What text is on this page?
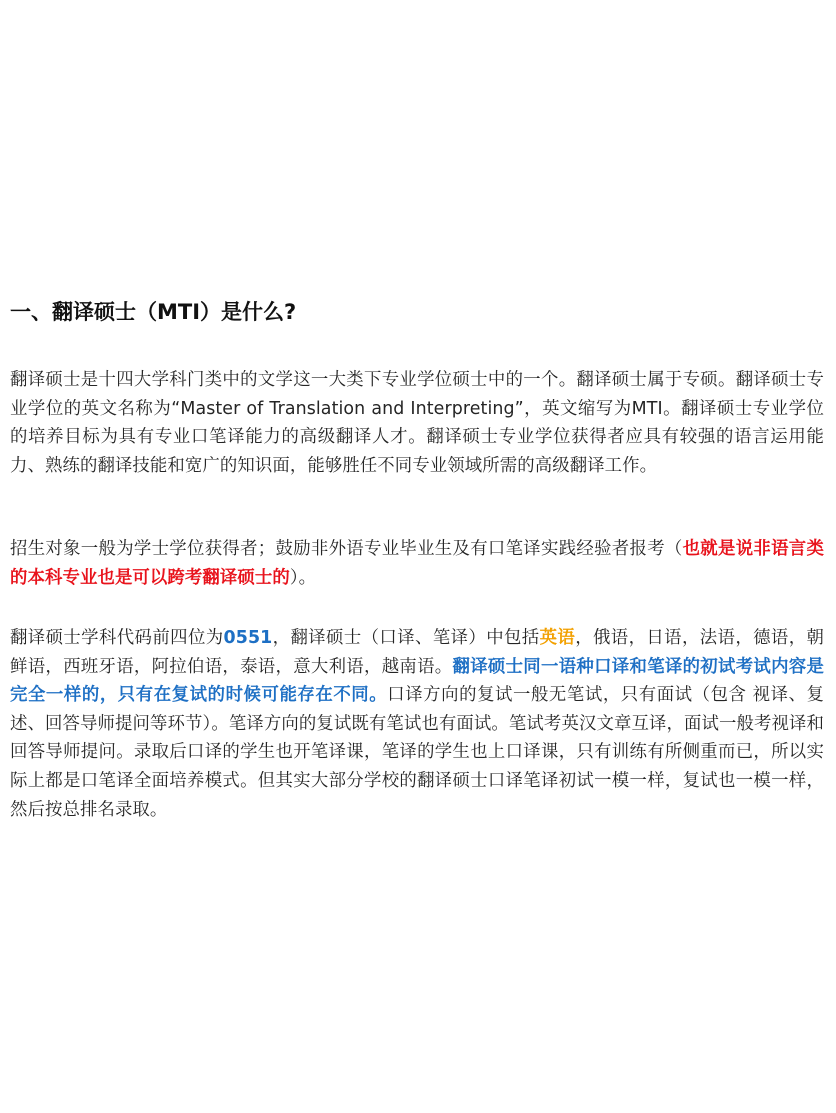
一、翻译硕士（MTI）是什么?

翻译硕士是十四大学科门类中的文学这一大类下专业学位硕士中的一个。翻译硕士属于专硕。翻译硕士专业学位的英文名称为“Master of Translation and Interpreting”，英文缩写为MTI。翻译硕士专业学位的培养目标为具有专业口笔译能力的高级翻译人才。翻译硕士专业学位获得者应具有较强的语言运用能力、熟练的翻译技能和宽广的知识面，能够胜任不同专业领域所需的高级翻译工作。

招生对象一般为学士学位获得者；鼓励非外语专业毕业生及有口笔译实践经验者报考（也就是说非语言类的本科专业也是可以跨考翻译硕士的）。

翻译硕士学科代码前四位为0551，翻译硕士（口译、笔译）中包括英语，俄语，日语，法语，德语，朝鲜语，西班牙语，阿拉伯语，泰语，意大利语，越南语。翻译硕士同一语种口译和笔译的初试考试内容是完全一样的，只有在复试的时候可能存在不同。口译方向的复试一般无笔试，只有面试（包含 视译、复述、回答导师提问等环节）。笔译方向的复试既有笔试也有面试。笔试考英汉文章互译，面试一般考视译和回答导师提问。录取后口译的学生也开笔译课，笔译的学生也上口译课，只有训练有所侧重而已，所以实际上都是口笔译全面培养模式。但其实大部分学校的翻译硕士口译笔译初试一模一样，复试也一模一样，然后按总排名录取。
